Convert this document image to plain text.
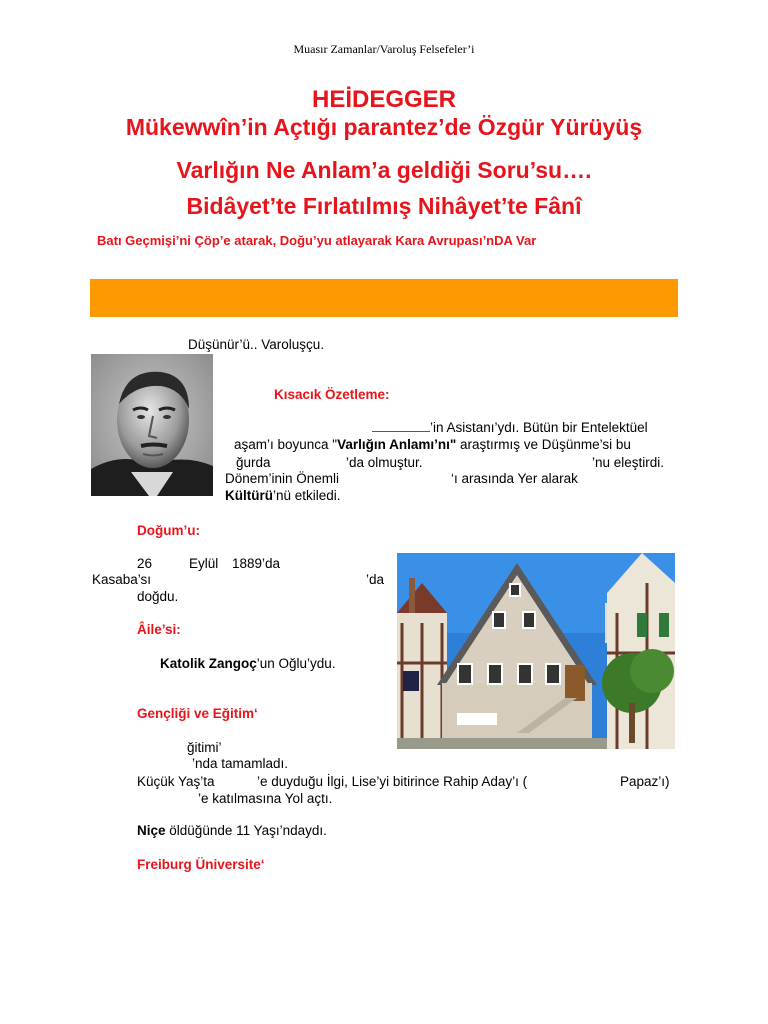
Muasır Zamanlar/Varoluş Felsefeler’i
HEİDEGGER
Mükewwîn’in Açtığı parantez’de Özgür Yürüyüş
Varlığın Ne Anlam’a geldiği Soru’su….
Bidâyet’te Fırlatılmış Nihâyet’te Fânî
Batı Geçmişi’ni Çöp’e atarak, Doğu’yu atlayarak Kara Avrupası’nDA Var
Düşünür’ü.. Varoluşçu.
Kısacık Özetleme:
’in Asistanı’ydı. Bütün bir Entelektüel
aşam’ı boyunca "Varlığın Anlamı’nı" araştırmış ve Düşünme’si bu
ğurda	’da olmuştur.	’nu eleştirdi.
Dönem’inin Önemli	‘ı arasında Yer alarak
Kültürü’nü etkiledi.
Doğum’u:
26	Eylül 1889’da
Kasaba’sı	’da
doğdu.
Âile’si:
Katolik Zangoç’un Oğlu’ydu.
Gençliği ve Eğitim‘
ğitimi’
’nda tamamladı.
Küçük Yaş’ta	’e duyduğu İlgi, Lise’yi bitirince Rahip Aday’ı (	Papaz’ı)
’e katılmasına Yol açtı.
Niçe öldüğünde 11 Yaşı’ndaydı.
Freiburg Üniversite‘
